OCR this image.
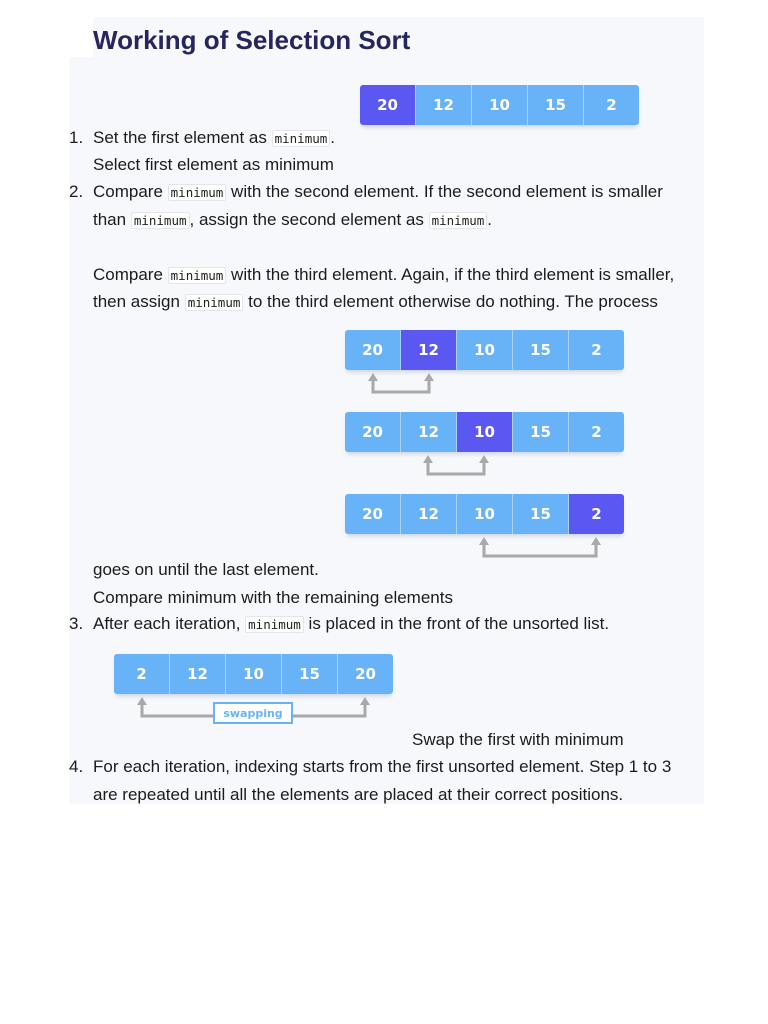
Working of Selection Sort
20	12	10	15	2
1. Set the first element as minimum .
Select first element as minimum
2. Compare minimum with the second element. If the second element is smaller
than minimum , assign the second element as minimum .
Compare minimum with the third element. Again, if the third element is smaller,
then assign minimum to the third element otherwise do nothing. The process
20	12	10	15	2
20	12	10	15	2
20	12	10	15	2
goes on until the last element.
Compare minimum with the remaining elements
3. After each iteration, minimum is placed in the front of the unsorted list.
2	12	10	15	20
swapping
Swap the first with minimum
4. For each iteration, indexing starts from the first unsorted element. Step 1 to 3
are repeated until all the elements are placed at their correct positions.
